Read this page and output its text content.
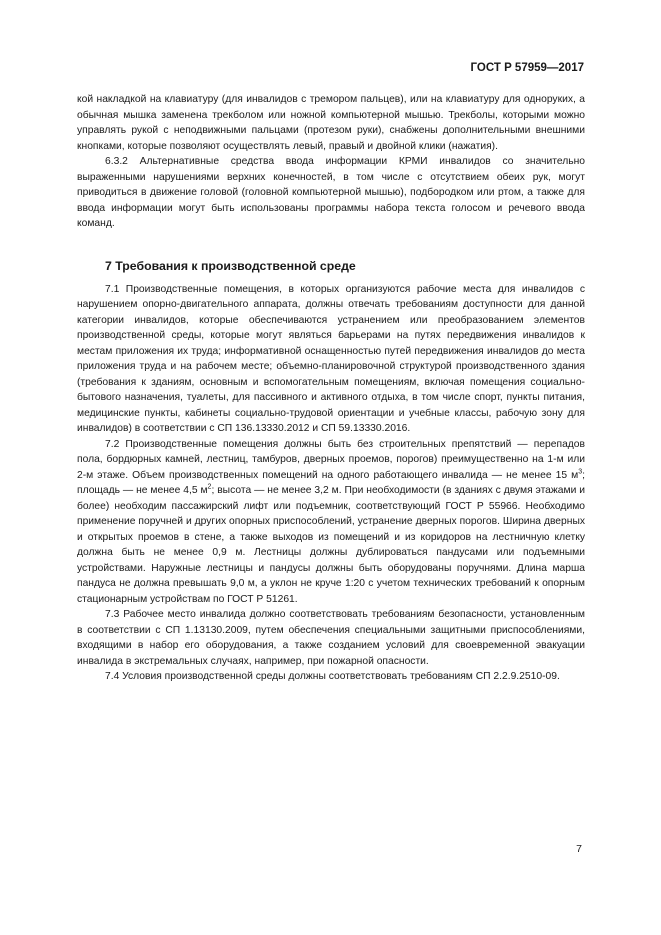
ГОСТ Р 57959—2017

кой накладкой на клавиатуру (для инвалидов с тремором пальцев), или на клавиатуру для одноруких, а обычная мышка заменена трекболом или ножной компьютерной мышью. Трекболы, которыми можно управлять рукой с неподвижными пальцами (протезом руки), снабжены дополнительными внешними кнопками, которые позволяют осуществлять левый, правый и двойной клики (нажатия).

6.3.2 Альтернативные средства ввода информации КРМИ инвалидов со значительно выраженными нарушениями верхних конечностей, в том числе с отсутствием обеих рук, могут приводиться в движение головой (головной компьютерной мышью), подбородком или ртом, а также для ввода информации могут быть использованы программы набора текста голосом и речевого ввода команд.

7 Требования к производственной среде

7.1 Производственные помещения, в которых организуются рабочие места для инвалидов с нарушением опорно-двигательного аппарата, должны отвечать требованиям доступности для данной категории инвалидов, которые обеспечиваются устранением или преобразованием элементов производственной среды, которые могут являться барьерами на путях передвижения инвалидов к местам приложения их труда; информативной оснащенностью путей передвижения инвалидов до места приложения труда и на рабочем месте; объемно-планировочной структурой производственного здания (требования к зданиям, основным и вспомогательным помещениям, включая помещения социально-бытового назначения, туалеты, для пассивного и активного отдыха, в том числе спорт, пункты питания, медицинские пункты, кабинеты социально-трудовой ориентации и учебные классы, рабочую зону для инвалидов) в соответствии с СП 136.13330.2012 и СП 59.13330.2016.

7.2 Производственные помещения должны быть без строительных препятствий — перепадов пола, бордюрных камней, лестниц, тамбуров, дверных проемов, порогов) преимущественно на 1-м или 2-м этаже. Объем производственных помещений на одного работающего инвалида — не менее 15 $м^3$; площадь — не менее 4,5 $м^2$; высота — не менее 3,2 м. При необходимости (в зданиях с двумя этажами и более) необходим пассажирский лифт или подъемник, соответствующий ГОСТ Р 55966. Необходимо применение поручней и других опорных приспособлений, устранение дверных порогов. Ширина дверных и открытых проемов в стене, а также выходов из помещений и из коридоров на лестничную клетку должна быть не менее 0,9 м. Лестницы должны дублироваться пандусами или подъемными устройствами. Наружные лестницы и пандусы должны быть оборудованы поручнями. Длина марша пандуса не должна превышать 9,0 м, а уклон не круче 1:20 с учетом технических требований к опорным стационарным устройствам по ГОСТ Р 51261.

7.3 Рабочее место инвалида должно соответствовать требованиям безопасности, установленным в соответствии с СП 1.13130.2009, путем обеспечения специальными защитными приспособлениями, входящими в набор его оборудования, а также созданием условий для своевременной эвакуации инвалида в экстремальных случаях, например, при пожарной опасности.

7.4 Условия производственной среды должны соответствовать требованиям СП 2.2.9.2510-09.

7
